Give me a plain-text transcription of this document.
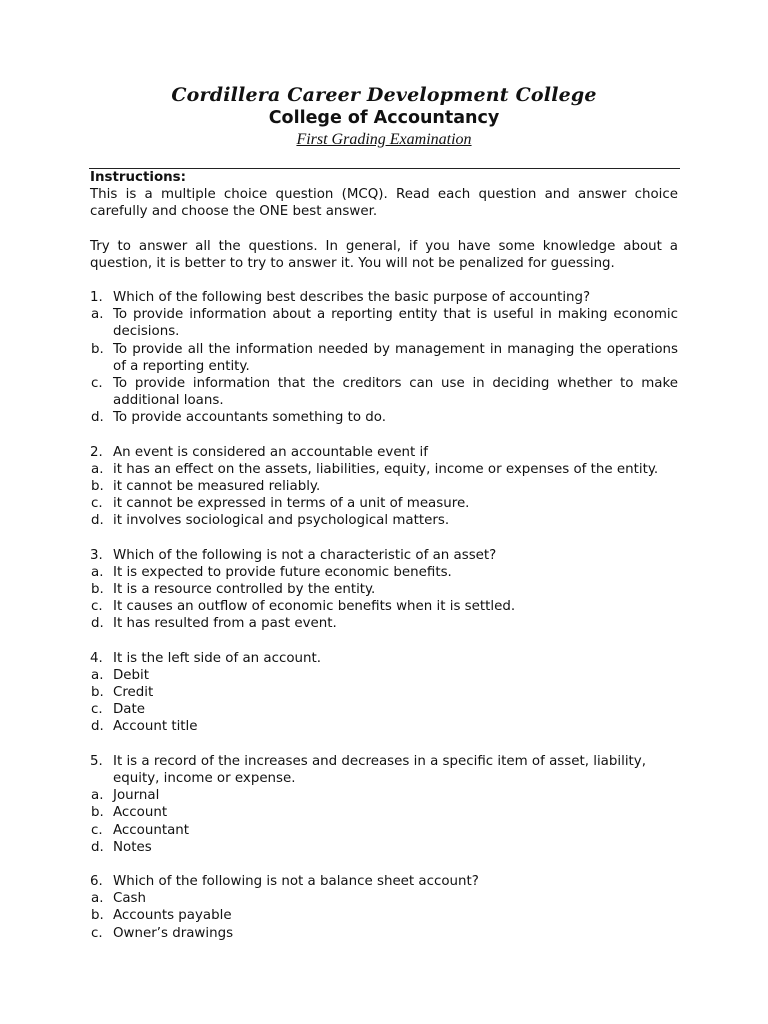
Cordillera Career Development College
College of Accountancy
First Grading Examination

Instructions:

This is a multiple choice question (MCQ). Read each question and answer choice carefully and choose the ONE best answer.

Try to answer all the questions. In general, if you have some knowledge about a question, it is better to try to answer it. You will not be penalized for guessing.

1. Which of the following best describes the basic purpose of accounting?
a. To provide information about a reporting entity that is useful in making economic decisions.
b. To provide all the information needed by management in managing the operations of a reporting entity.
c. To provide information that the creditors can use in deciding whether to make additional loans.
d. To provide accountants something to do.
2. An event is considered an accountable event if
a. it has an effect on the assets, liabilities, equity, income or expenses of the entity.
b. it cannot be measured reliably.
c. it cannot be expressed in terms of a unit of measure.
d. it involves sociological and psychological matters.
3. Which of the following is not a characteristic of an asset?
a. It is expected to provide future economic benefits.
b. It is a resource controlled by the entity.
c. It causes an outflow of economic benefits when it is settled.
d. It has resulted from a past event.
4. It is the left side of an account.
a. Debit
b. Credit
c. Date
d. Account title
5. It is a record of the increases and decreases in a specific item of asset, liability, equity, income or expense.
a. Journal
b. Account
c. Accountant
d. Notes
6. Which of the following is not a balance sheet account?
a. Cash
b. Accounts payable
c. Owner’s drawings
